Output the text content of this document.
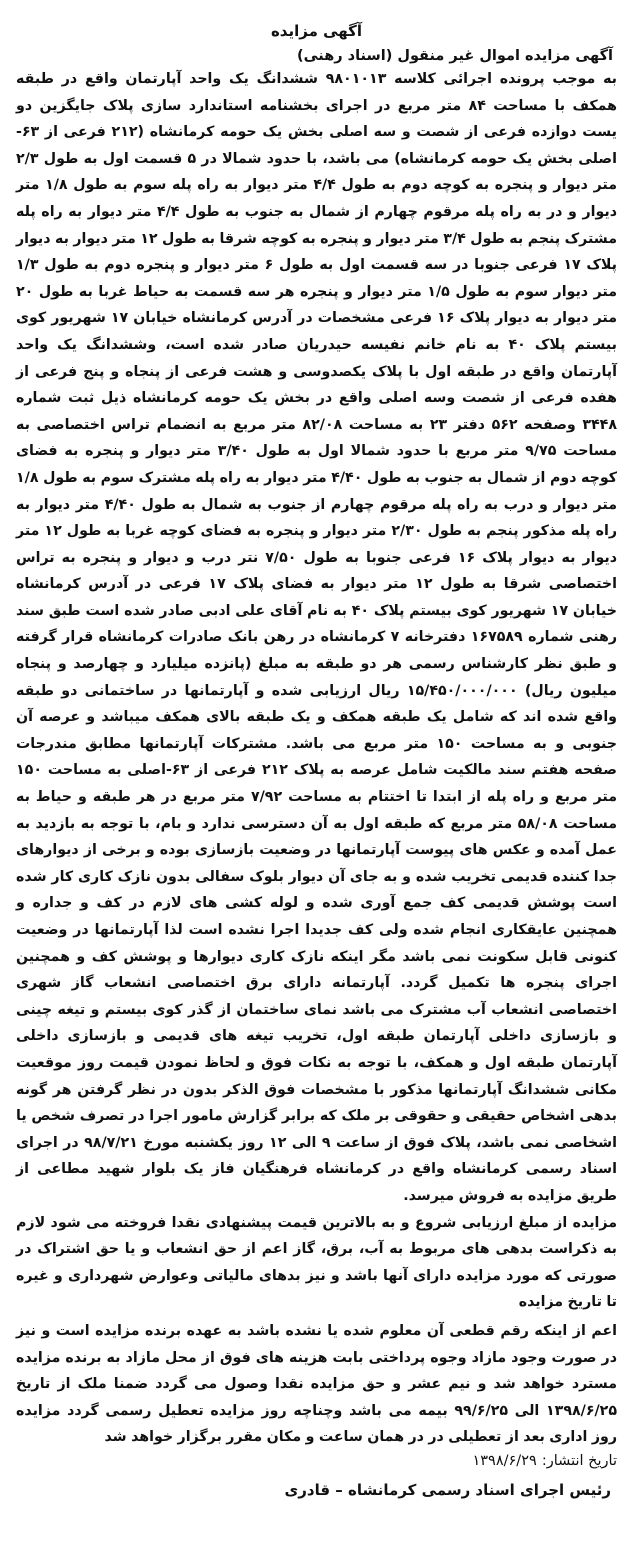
آگهی مزایده
آگهی مزایده اموال غیر منقول (اسناد رهنی)

به موجب پرونده اجرائی کلاسه ۹۸۰۱۰۱۳ ششدانگ یک واحد آپارتمان واقع در طبقه همکف با مساحت ۸۴ متر مربع در اجرای بخشنامه استاندارد سازی پلاک جایگزین دو یست دوازده فرعی از شصت و سه اصلی بخش یک حومه کرمانشاه (۲۱۲ فرعی از ۶۳-اصلی بخش یک حومه کرمانشاه) می باشد، با حدود شمالا در ۵ قسمت اول به طول ۲/۳ متر دیوار و پنجره به کوچه دوم به طول ۴/۴ متر دیوار به راه پله سوم به طول ۱/۸ متر دیوار و در به راه پله مرقوم چهارم از شمال به جنوب به طول ۴/۴ متر دیوار به راه پله مشترک پنجم به طول ۳/۴ متر دیوار و پنجره به کوچه شرقا به طول ۱۲ متر دیوار به دیوار پلاک ۱۷ فرعی جنوبا در سه قسمت اول به طول ۶ متر دیوار و پنجره دوم به طول ۱/۳ متر دیوار سوم به طول ۱/۵ متر دیوار و پنجره هر سه قسمت به حیاط غربا به طول ۲۰ متر دیوار به دیوار پلاک ۱۶ فرعی مشخصات در آدرس کرمانشاه خیابان ۱۷ شهریور کوی بیستم پلاک ۴۰ به نام خانم نفیسه حیدریان صادر شده است، وششدانگ یک واحد آپارتمان واقع در طبقه اول با پلاک یکصدوسی و هشت فرعی از پنجاه و پنج فرعی از هفده فرعی از شصت وسه اصلی واقع در بخش یک حومه کرمانشاه ذیل ثبت شماره ۳۴۴۸ وصفحه ۵۶۲ دفتر ۲۳ به مساحت ۸۲/۰۸ متر مربع به انضمام تراس اختصاصی به مساحت ۹/۷۵ متر مربع با حدود شمالا اول به طول ۳/۴۰ متر دیوار و پنجره به فضای کوچه دوم از شمال به جنوب به طول ۴/۴۰ متر دیوار به راه پله مشترک سوم به طول ۱/۸ متر دیوار و درب به راه پله مرقوم چهارم از جنوب به شمال به طول ۴/۴۰ متر دیوار به راه پله مذکور پنجم به طول ۲/۳۰ متر دیوار و پنجره به فضای کوچه غربا به طول ۱۲ متر دیوار به دیوار پلاک ۱۶ فرعی جنوبا به طول ۷/۵۰ نتر درب و دیوار و پنجره به تراس اختصاصی شرقا به طول ۱۲ متر دیوار به فضای پلاک ۱۷ فرعی در آدرس کرمانشاه خیابان ۱۷ شهریور کوی بیستم پلاک ۴۰ به نام آقای علی ادبی صادر شده است طبق سند رهنی شماره ۱۶۷۵۸۹ دفترخانه ۷ کرمانشاه در رهن بانک صادرات کرمانشاه قرار گرفته و طبق نظر کارشناس رسمی هر دو طبقه به مبلغ (پانزده میلیارد و چهارصد و پنجاه میلیون ریال) ۱۵/۴۵۰/۰۰۰/۰۰۰ ریال ارزیابی شده و آپارتمانها در ساختمانی دو طبقه واقع شده اند که شامل یک طبقه همکف و یک طبقه بالای همکف میباشد و عرصه آن جنوبی و به مساحت ۱۵۰ متر مربع می باشد. مشترکات آپارتمانها مطابق مندرجات صفحه هفتم سند مالکیت شامل عرصه به پلاک ۲۱۲ فرعی از ۶۳-اصلی به مساحت ۱۵۰ متر مربع و راه پله از ابتدا تا اختتام به مساحت ۷/۹۲ متر مربع در هر طبقه و حیاط به مساحت ۵۸/۰۸ متر مربع که طبقه اول به آن دسترسی ندارد و بام، با توجه به بازدید به عمل آمده و عکس های پیوست آپارتمانها در وضعیت بازسازی بوده و برخی از دیوارهای جدا کننده قدیمی تخریب شده و به جای آن دیوار بلوک سفالی بدون نازک کاری کار شده است پوشش قدیمی کف جمع آوری شده و لوله کشی های لازم در کف و جداره و همچنین عایقکاری انجام شده ولی کف جدیدا اجرا نشده است لذا آپارتمانها در وضعیت کنونی قابل سکونت نمی باشد مگر اینکه نازک کاری دیوارها و پوشش کف و همچنین اجرای پنجره ها تکمیل گردد. آپارتمانه دارای برق اختصاصی انشعاب گاز شهری اختصاصی انشعاب آب مشترک می باشد نمای ساختمان از گذر کوی بیستم و تیغه چینی و بازسازی داخلی آپارتمان طبقه اول، تخریب تیغه های قدیمی و بازسازی داخلی آپارتمان طبقه اول و همکف، با توجه به نکات فوق و لحاظ نمودن قیمت روز موقعیت مکانی ششدانگ آپارتمانها مذکور با مشخصات فوق الذکر بدون در نظر گرفتن هر گونه بدهی اشخاص حقیقی و حقوقی بر ملک که برابر گزارش مامور اجرا در تصرف شخص یا اشخاصی نمی باشد، پلاک فوق از ساعت ۹ الی ۱۲ روز یکشنبه مورخ ۹۸/۷/۲۱ در اجرای اسناد رسمی کرمانشاه واقع در کرمانشاه فرهنگیان فاز یک بلوار شهید مطاعی از طریق مزایده به فروش میرسد.

مزایده از مبلغ ارزیابی شروع و به بالاترین قیمت پیشنهادی نقدا فروخته می شود لازم به ذکراست بدهی های مربوط به آب، برق، گاز اعم از حق انشعاب و یا حق اشتراک در صورتی که مورد مزایده دارای آنها باشد و نیز بدهای مالیاتی وعوارض شهرداری و غیره تا تاریخ مزایده

اعم از اینکه رقم قطعی آن معلوم شده یا نشده باشد به عهده برنده مزایده است و نیز در صورت وجود مازاد وجوه پرداختی بابت هزینه های فوق از محل مازاد به برنده مزایده مسترد خواهد شد و نیم عشر و حق مزایده نقدا وصول می گردد ضمنا ملک از تاریخ ۱۳۹۸/۶/۲۵ الی ۹۹/۶/۲۵ بیمه می باشد وچناچه روز مزایده تعطیل رسمی گردد مزایده روز اداری بعد از تعطیلی در در همان ساعت و مکان مقرر برگزار خواهد شد

تاریخ انتشار: ۱۳۹۸/۶/۲۹
رئیس اجرای اسناد رسمی کرمانشاه – قادری
